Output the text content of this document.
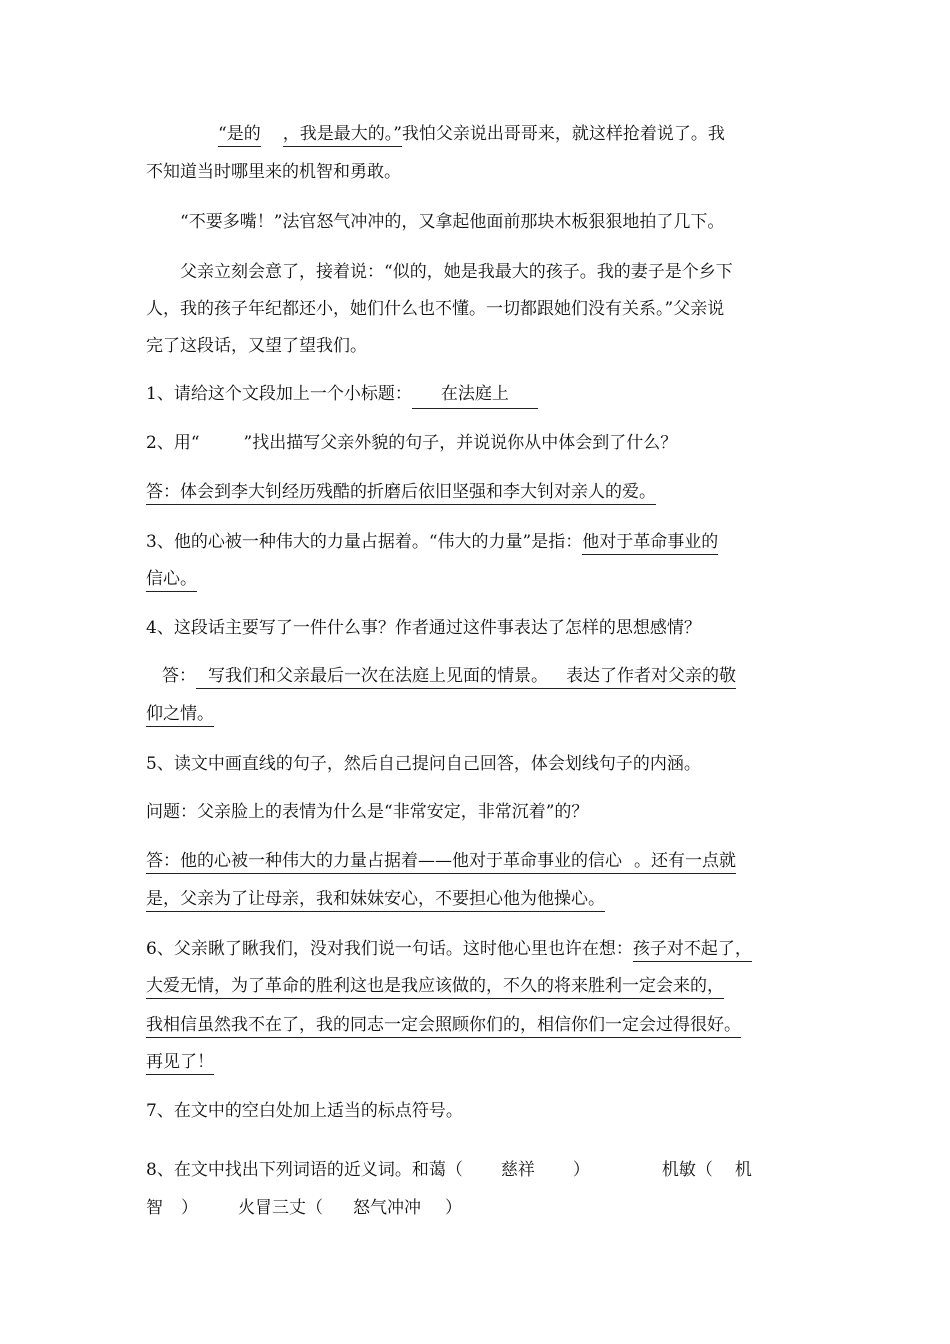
“是的 ，我是最大的。”我怕父亲说出哥哥来，就这样抢着说了。我
不知道当时哪里来的机智和勇敢。
“不要多嘴！”法官怒气冲冲的，又拿起他面前那块木板狠狠地拍了几下。
父亲立刻会意了，接着说：“似的，她是我最大的孩子。我的妻子是个乡下
人，我的孩子年纪都还小，她们什么也不懂。一切都跟她们没有关系。”父亲说
完了这段话，又望了望我们。
1、请给这个文段加上一个小标题： 在法庭上
2、用“	”找出描写父亲外貌的句子，并说说你从中体会到了什么？
答：体会到李大钊经历残酷的折磨后依旧坚强和李大钊对亲人的爱。
3、他的心被一种伟大的力量占据着。“伟大的力量”是指：他对于革命事业的
信心。
4、这段话主要写了一件什么事？作者通过这件事表达了怎样的思想感情？
答： 写我们和父亲最后一次在法庭上见面的情景。 表达了作者对父亲的敬
仰之情。
5、读文中画直线的句子，然后自己提问自己回答，体会划线句子的内涵。
问题：父亲脸上的表情为什么是“非常安定，非常沉着”的？
答：他的心被一种伟大的力量占据着——他对于革命事业的信心 。还有一点就
是，父亲为了让母亲，我和妹妹安心，不要担心他为他操心。
6、父亲瞅了瞅我们，没对我们说一句话。这时他心里也许在想：孩子对不起了，
大爱无情，为了革命的胜利这也是我应该做的，不久的将来胜利一定会来的，
我相信虽然我不在了，我的同志一定会照顾你们的，相信你们一定会过得很好。
再见了！
7、在文中的空白处加上适当的标点符号。
8、在文中找出下列词语的近义词。和蔼（ 慈祥 ）	机敏（ 机
智 ） 火冒三丈（ 怒气冲冲 ）
